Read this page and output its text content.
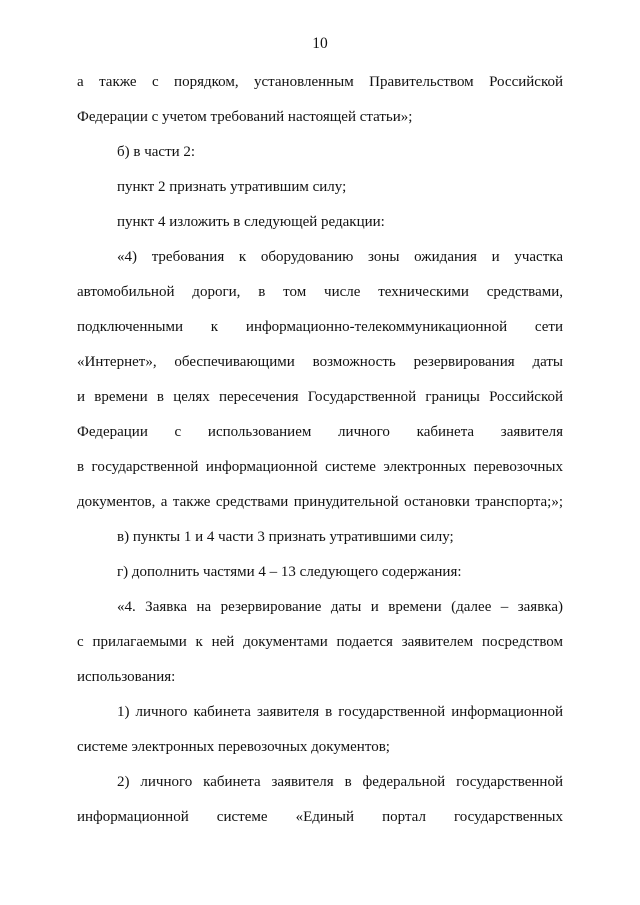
10
а также с порядком, установленным Правительством Российской
Федерации с учетом требований настоящей статьи»;
б) в части 2:
пункт 2 признать утратившим силу;
пункт 4 изложить в следующей редакции:
«4) требования к оборудованию зоны ожидания и участка
автомобильной дороги, в том числе техническими средствами,
подключенными к информационно-телекоммуникационной сети
«Интернет», обеспечивающими возможность резервирования даты
и времени в целях пересечения Государственной границы Российской
Федерации с использованием личного кабинета заявителя
в государственной информационной системе электронных перевозочных
документов, а также средствами принудительной остановки транспорта;»;
в) пункты 1 и 4 части 3 признать утратившими силу;
г) дополнить частями 4 – 13 следующего содержания:
«4. Заявка на резервирование даты и времени (далее – заявка)
с прилагаемыми к ней документами подается заявителем посредством
использования:
1) личного кабинета заявителя в государственной информационной
системе электронных перевозочных документов;
2) личного кабинета заявителя в федеральной государственной
информационной системе «Единый портал государственных
